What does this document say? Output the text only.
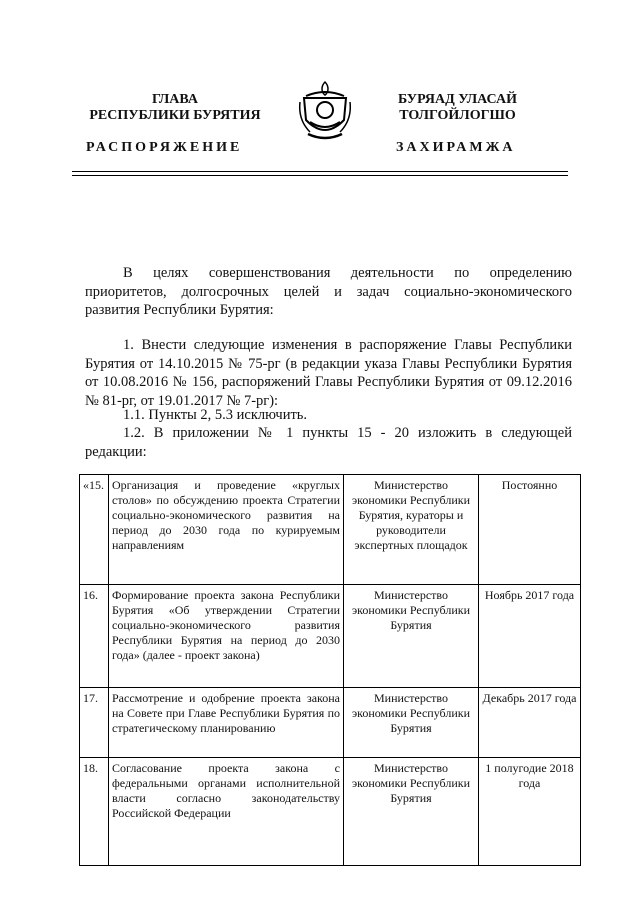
ГЛАВА
РЕСПУБЛИКИ БУРЯТИЯ
РАСПОРЯЖЕНИЕ
БУРЯАД УЛАСАЙ
ТОЛГОЙЛОГШО
ЗАХИРАМЖА

В целях совершенствования деятельности по определению приоритетов, долгосрочных целей и задач социально-экономического развития Республики Бурятия:

1. Внести следующие изменения в распоряжение Главы Республики Бурятия от 14.10.2015 № 75-рг (в редакции указа Главы Республики Бурятия от 10.08.2016 № 156, распоряжений Главы Республики Бурятия от 09.12.2016 № 81-рг, от 19.01.2017 № 7-рг):

1.1. Пункты 2, 5.3 исключить.

1.2. В приложении № 1 пункты 15 - 20 изложить в следующей редакции:

«15.	Организация и проведение «круглых столов» по обсуждению проекта Стратегии социально-экономического развития на период до 2030 года по курируемым направлениям	Министерство экономики Республики Бурятия, кураторы и руководители экспертных площадок	Постоянно
16.	Формирование проекта закона Республики Бурятия «Об утверждении Стратегии социально-экономического развития Республики Бурятия на период до 2030 года» (далее - проект закона)	Министерство экономики Республики Бурятия	Ноябрь 2017 года
17.	Рассмотрение и одобрение проекта закона на Совете при Главе Республики Бурятия по стратегическому планированию	Министерство экономики Республики Бурятия	Декабрь 2017 года
18.	Согласование проекта закона с федеральными органами исполнительной власти согласно законодательству Российской Федерации	Министерство экономики Республики Бурятия	1 полугодие 2018 года
